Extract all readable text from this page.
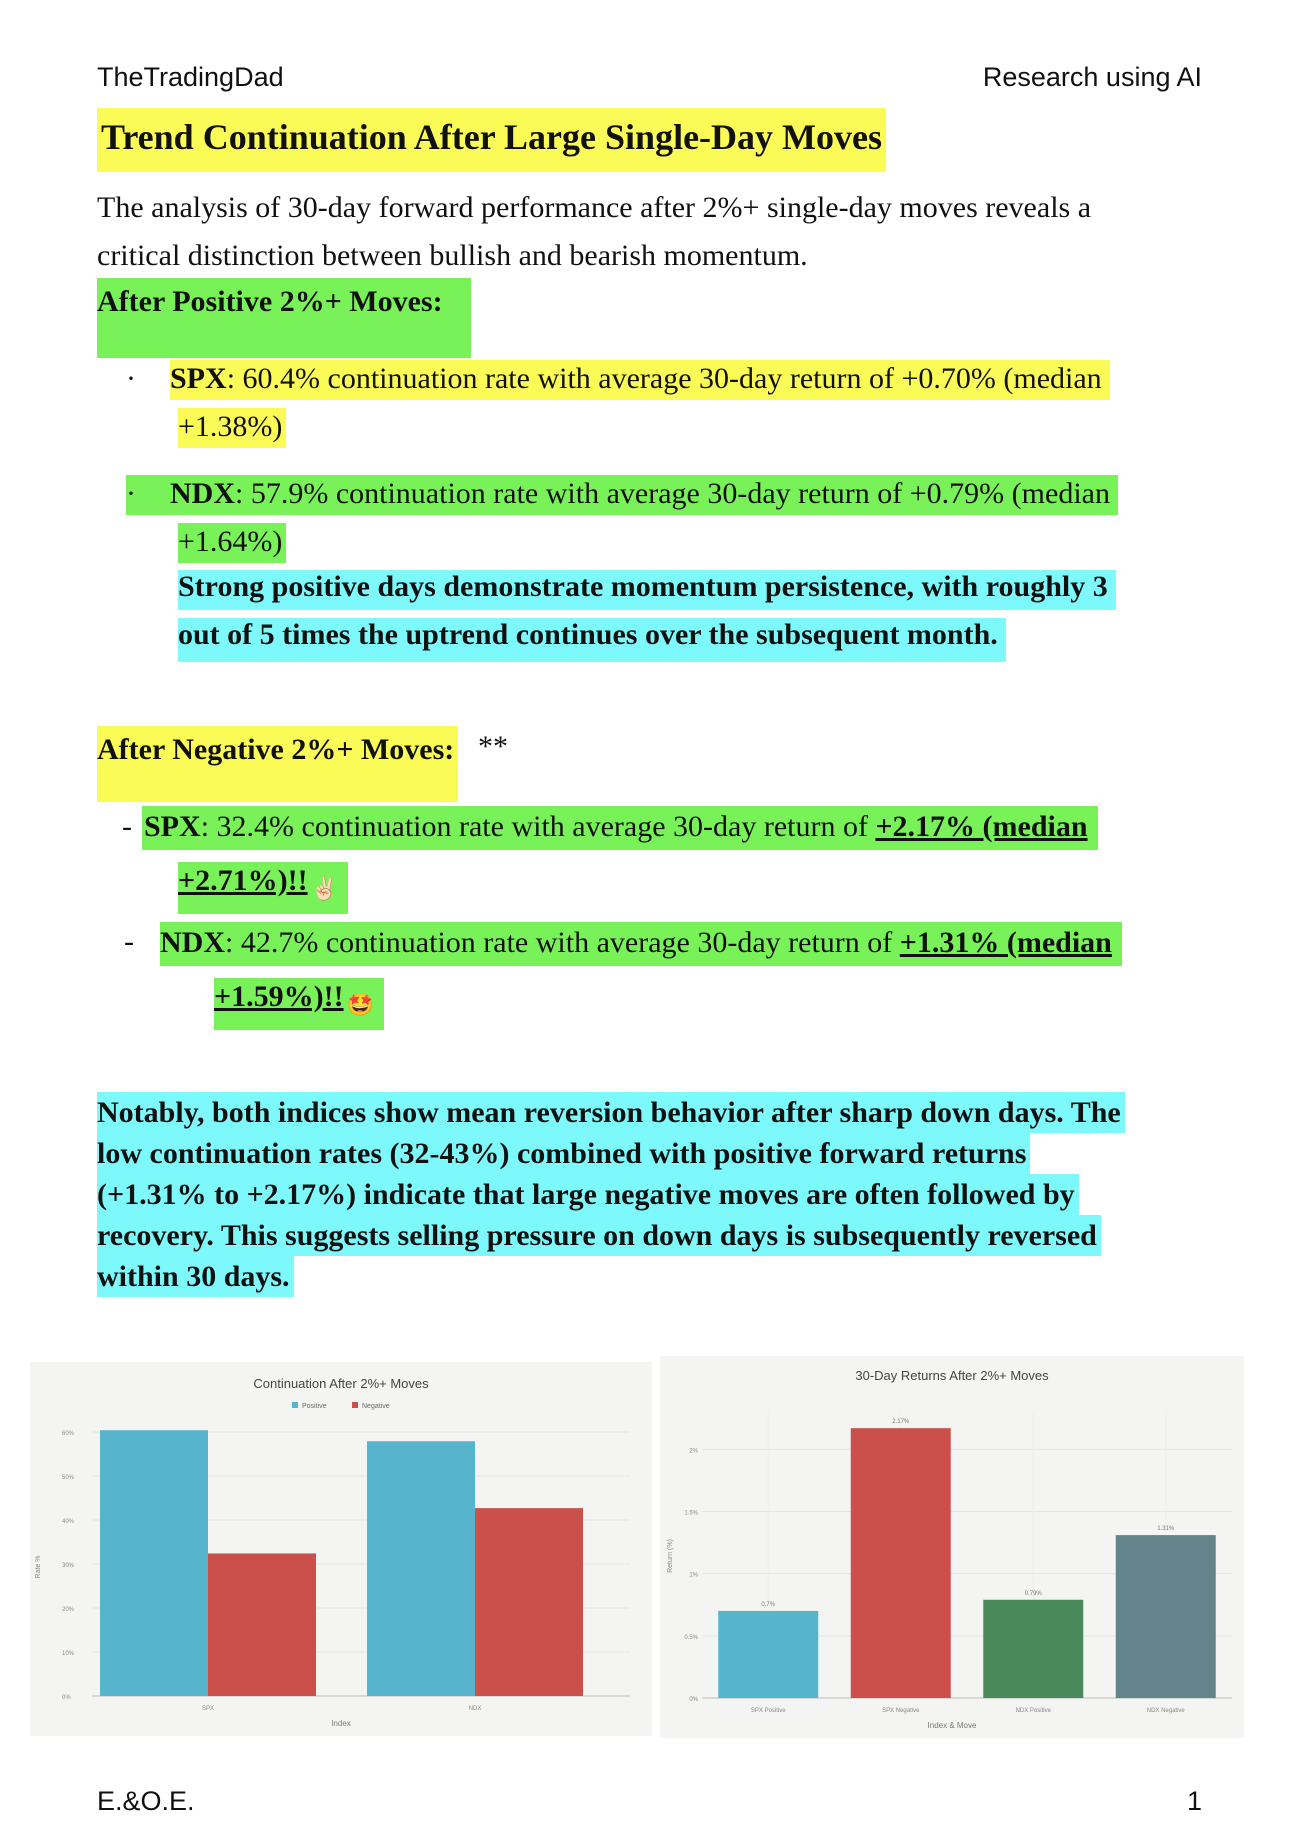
TheTradingDad	Research using AI
Trend Continuation After Large Single-Day Moves
The analysis of 30-day forward performance after 2%+ single-day moves reveals a
critical distinction between bullish and bearish momentum.
After Positive 2%+ Moves:
· SPX: 60.4% continuation rate with average 30-day return of +0.70% (median
+1.38%)
·	NDX: 57.9% continuation rate with average 30-day return of +0.79% (median
+1.64%)
Strong positive days demonstrate momentum persistence, with roughly 3
out of 5 times the uptrend continues over the subsequent month.
After Negative 2%+ Moves: **
- SPX: 32.4% continuation rate with average 30-day return of +2.17% (median
+2.71%)!! ✌🏻
- NDX: 42.7% continuation rate with average 30-day return of +1.31% (median
+1.59%)!! 🤩
Notably, both indices show mean reversion behavior after sharp down days. The
low continuation rates (32-43%) combined with positive forward returns
(+1.31% to +2.17%) indicate that large negative moves are often followed by
recovery. This suggests selling pressure on down days is subsequently reversed
within 30 days.
Continuation After 2%+ Moves
Positive	Negative
0%
10%
20%
30%
40%
50%
60%
Rate %
Index
SPX	NDX
30-Day Returns After 2%+ Moves
0%
0.5%
1%
1.5%
2%
Return (%)
Index & Move
0.7%
SPX Positive
2.17%
SPX Negative
0.79%
NDX Positive
1.31%
NDX Negative
E.&O.E.	1
